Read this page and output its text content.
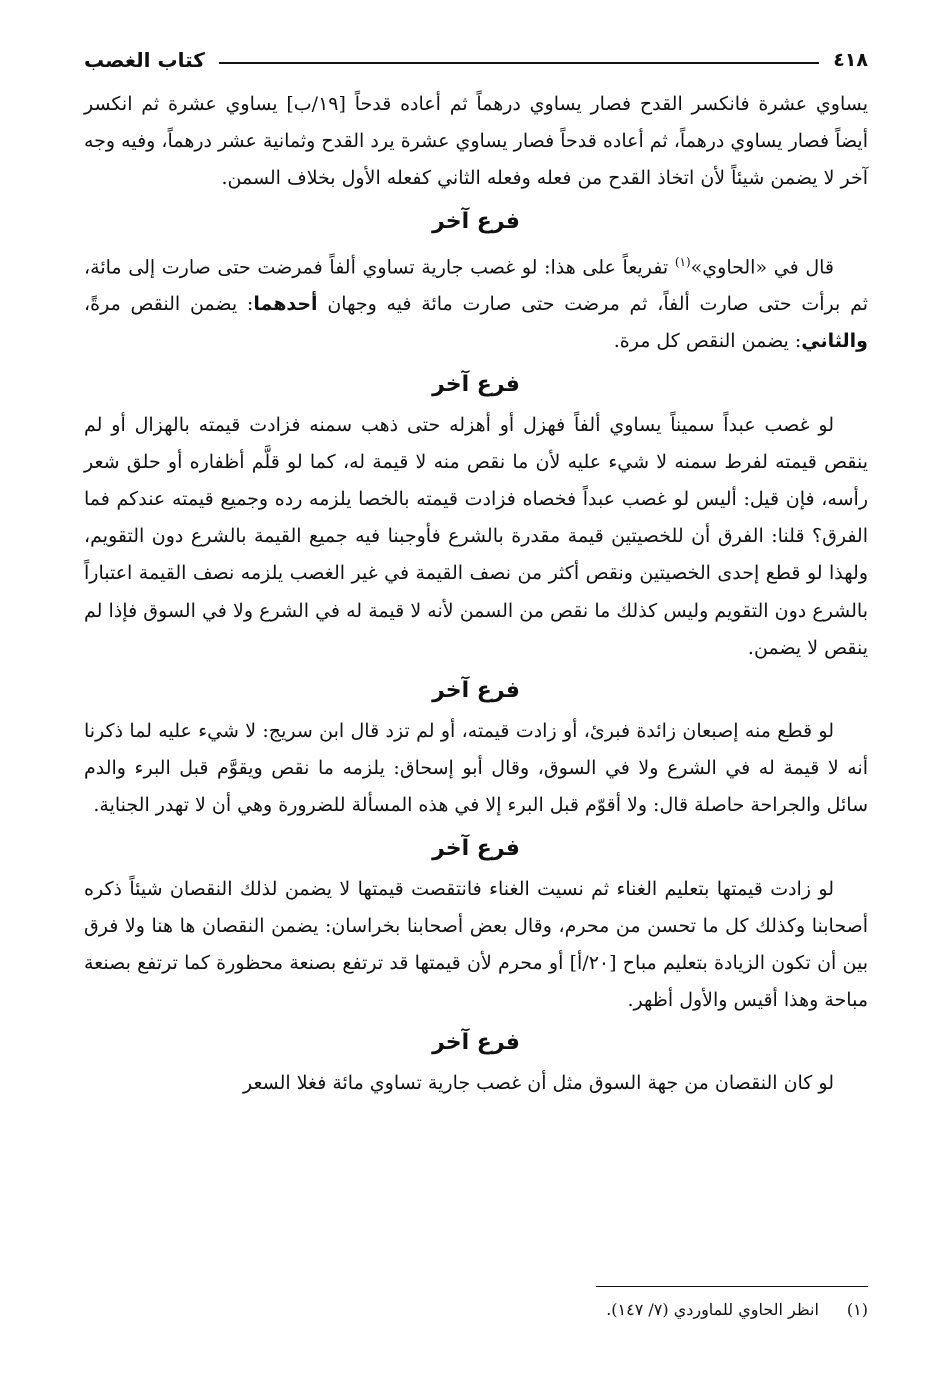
٤١٨
كتاب الغصب

يساوي عشرة فانكسر القدح فصار يساوي درهماً ثم أعاده قدحاً [١٩/ب] يساوي عشرة ثم انكسر أيضاً فصار يساوي درهماً، ثم أعاده قدحاً فصار يساوي عشرة يرد القدح وثمانية عشر درهماً، وفيه وجه آخر لا يضمن شيئاً لأن اتخاذ القدح من فعله وفعله الثاني كفعله الأول بخلاف السمن.

فرع آخر

قال في «الحاوي»$^{(١)}$ تفريعاً على هذا: لو غصب جارية تساوي ألفاً فمرضت حتى صارت إلى مائة، ثم برأت حتى صارت ألفاً، ثم مرضت حتى صارت مائة فيه وجهان أحدهما: يضمن النقص مرةً، والثاني: يضمن النقص كل مرة.

فرع آخر

لو غصب عبداً سميناً يساوي ألفاً فهزل أو أهزله حتى ذهب سمنه فزادت قيمته بالهزال أو لم ينقص قيمته لفرط سمنه لا شيء عليه لأن ما نقص منه لا قيمة له، كما لو قلَّم أظفاره أو حلق شعر رأسه، فإن قيل: أليس لو غصب عبداً فخصاه فزادت قيمته بالخصا يلزمه رده وجميع قيمته عندكم فما الفرق؟ قلنا: الفرق أن للخصيتين قيمة مقدرة بالشرع فأوجبنا فيه جميع القيمة بالشرع دون التقويم، ولهذا لو قطع إحدى الخصيتين ونقص أكثر من نصف القيمة في غير الغصب يلزمه نصف القيمة اعتباراً بالشرع دون التقويم وليس كذلك ما نقص من السمن لأنه لا قيمة له في الشرع ولا في السوق فإذا لم ينقص لا يضمن.

فرع آخر

لو قطع منه إصبعان زائدة فبرئ، أو زادت قيمته، أو لم تزد قال ابن سريج: لا شيء عليه لما ذكرنا أنه لا قيمة له في الشرع ولا في السوق، وقال أبو إسحاق: يلزمه ما نقص ويقوَّم قبل البرء والدم سائل والجراحة حاصلة قال: ولا أقوّم قبل البرء إلا في هذه المسألة للضرورة وهي أن لا تهدر الجناية.

فرع آخر

لو زادت قيمتها بتعليم الغناء ثم نسيت الغناء فانتقصت قيمتها لا يضمن لذلك النقصان شيئاً ذكره أصحابنا وكذلك كل ما تحسن من محرم، وقال بعض أصحابنا بخراسان: يضمن النقصان ها هنا ولا فرق بين أن تكون الزيادة بتعليم مباح [٢٠/أ] أو محرم لأن قيمتها قد ترتفع بصنعة محظورة كما ترتفع بصنعة مباحة وهذا أقيس والأول أظهر.

فرع آخر

لو كان النقصان من جهة السوق مثل أن غصب جارية تساوي مائة فغلا السعر

(١)انظر الحاوي للماوردي (٧/ ١٤٧).
